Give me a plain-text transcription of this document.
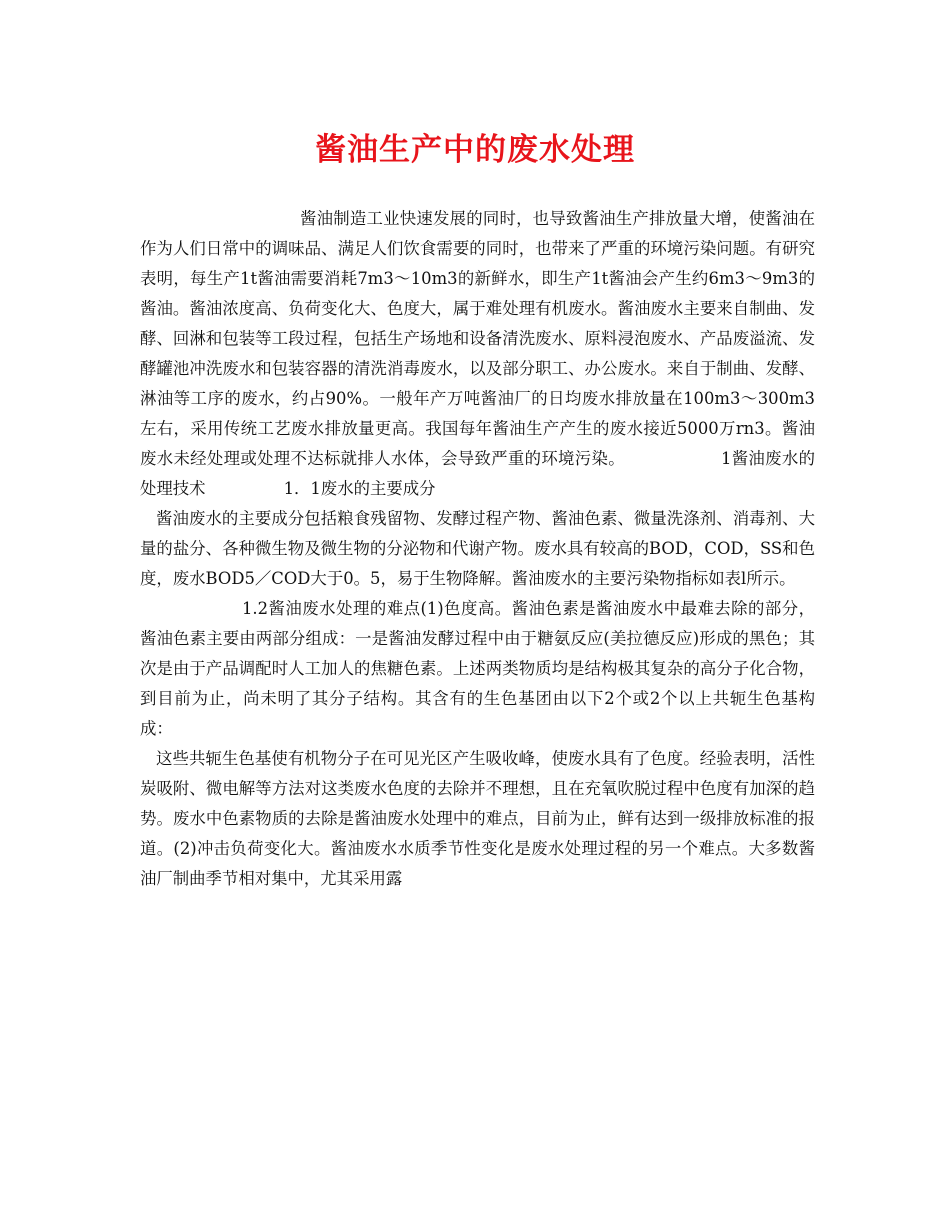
酱油生产中的废水处理

酱油制造工业快速发展的同时，也导致酱油生产排放量大增，使酱油在作为人们日常中的调味品、满足人们饮食需要的同时，也带来了严重的环境污染问题。有研究表明，每生产1t酱油需要消耗7m3～10m3的新鲜水，即生产1t酱油会产生约6m3～9m3的酱油。酱油浓度高、负荷变化大、色度大，属于难处理有机废水。酱油废水主要来自制曲、发酵、回淋和包装等工段过程，包括生产场地和设备清洗废水、原料浸泡废水、产品废溢流、发酵罐池冲洗废水和包装容器的清洗消毒废水，以及部分职工、办公废水。来自于制曲、发酵、淋油等工序的废水，约占90%。一般年产万吨酱油厂的日均废水排放量在100m3～300m3左右，采用传统工艺废水排放量更高。我国每年酱油生产产生的废水接近5000万rn3。酱油废水未经处理或处理不达标就排人水体，会导致严重的环境污染。	1酱油废水的处理技术	1．1废水的主要成分

酱油废水的主要成分包括粮食残留物、发酵过程产物、酱油色素、微量洗涤剂、消毒剂、大量的盐分、各种微生物及微生物的分泌物和代谢产物。废水具有较高的BOD，COD，SS和色度，废水BOD5／COD大于0。5，易于生物降解。酱油废水的主要污染物指标如表l所示。

1.2酱油废水处理的难点(1)色度高。酱油色素是酱油废水中最难去除的部分，酱油色素主要由两部分组成：一是酱油发酵过程中由于糖氨反应(美拉德反应)形成的黑色；其次是由于产品调配时人工加人的焦糖色素。上述两类物质均是结构极其复杂的高分子化合物，到目前为止，尚未明了其分子结构。其含有的生色基团由以下2个或2个以上共轭生色基构成：

这些共轭生色基使有机物分子在可见光区产生吸收峰，使废水具有了色度。经验表明，活性炭吸附、微电解等方法对这类废水色度的去除并不理想，且在充氧吹脱过程中色度有加深的趋势。废水中色素物质的去除是酱油废水处理中的难点，目前为止，鲜有达到一级排放标准的报道。(2)冲击负荷变化大。酱油废水水质季节性变化是废水处理过程的另一个难点。大多数酱油厂制曲季节相对集中，尤其采用露
